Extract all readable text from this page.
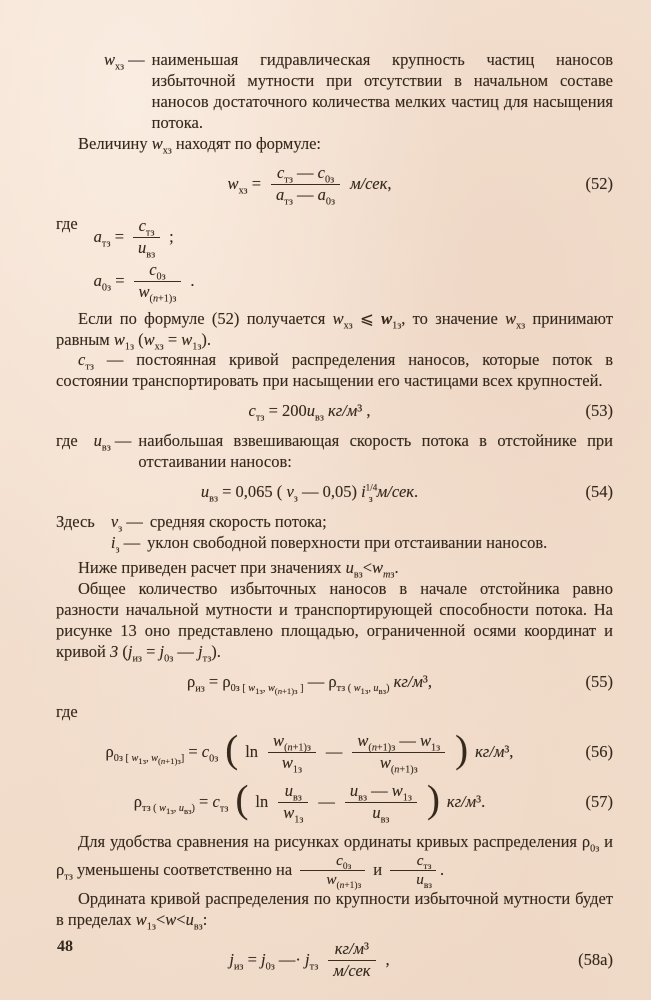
$w_{хз}$ — наименьшая гидравлическая крупность частиц наносов избыточной мутности при отсутствии в начальном составе наносов достаточного количества мелких частиц для насыщения потока.

Величину $w_{хз}$ находят по формуле:

$w_{хз} = \frac{c_{тз} — c_{0з}}{a_{тз} — a_{0з}} м/сек$,	(52)
где
$a_{тз} = \frac{c_{тз}}{u_{вз}}$ ;
$a_{0з} = \frac{c_{0з}}{w_{(n+1)з}}$ .

Если по формуле (52) получается $w_{хз}$ ⩽ $w_{1з}$, то значение $w_{хз}$ принимают равным $w_{1з}$ $(w_{хз} = w_{1з})$.

$c_{тз}$ — постоянная кривой распределения наносов, которые поток в состоянии транспортировать при насыщении его частицами всех крупностей.

$c_{тз} = 200u_{вз}$ кг/м³ ,	(53)
где $u_{вз}$ — наибольшая взвешивающая скорость потока в отстойнике при отстаивании наносов:
$u_{вз} = 0,065$ ( $v_з$ — 0,05) $i^{1/4}_з$ м/сек.	(54)
Здесь $v_з$ — средняя скорость потока;
$i_з$ — уклон свободной поверхности при отстаивании наносов.

Ниже приведен расчет при значениях $u_{вз}<w_{mз}$.

Общее количество избыточных наносов в начале отстойника равно разности начальной мутности и транспортирующей способности потока. На рисунке 13 оно представлено площадью, ограниченной осями координат и кривой 3 ($j_{из} = j_{0з}$ — $j_{тз}$).

$\rho_{из} = \rho_{0з [ w_{1з}, w_{(n+1)з} ]}$ — $\rho_{тз ( w_{1з}, u_{вз})}$ кг/м³,	(55)

где

$\rho_{0з [ w_{1з}, w_{(n+1)з}]} = c_{0з}$ ( $\ln \frac{w_{(n+1)з}}{w_{1з}}$ — $\frac{w_{(n+1)з} — w_{1з}}{w_{(n+1)з}}$ ) кг/м³,	(56)
$\rho_{тз ( w_{1з}, u_{вз})} = c_{тз}$ ( $\ln \frac{u_{вз}}{w_{1з}}$ — $\frac{u_{вз} — w_{1з}}{u_{вз}}$ ) кг/м³.	(57)

Для удобства сравнения на рисунках ординаты кривых распределения $\rho_{0з}$ и $\rho_{тз}$ уменьшены соответственно на $\frac{c_{0з}}{w_{(n+1)з}}$ и $\frac{c_{тз}}{u_{вз}}$ .

Ордината кривой распределения по крупности избыточной мутности будет в пределах $w_{1з}<w<u_{вз}$:

$j_{из} = j_{0з}$ —· $j_{тз} \frac{\text{кг/м³}}{\text{м/сек}}$ ,	(58a)
48
